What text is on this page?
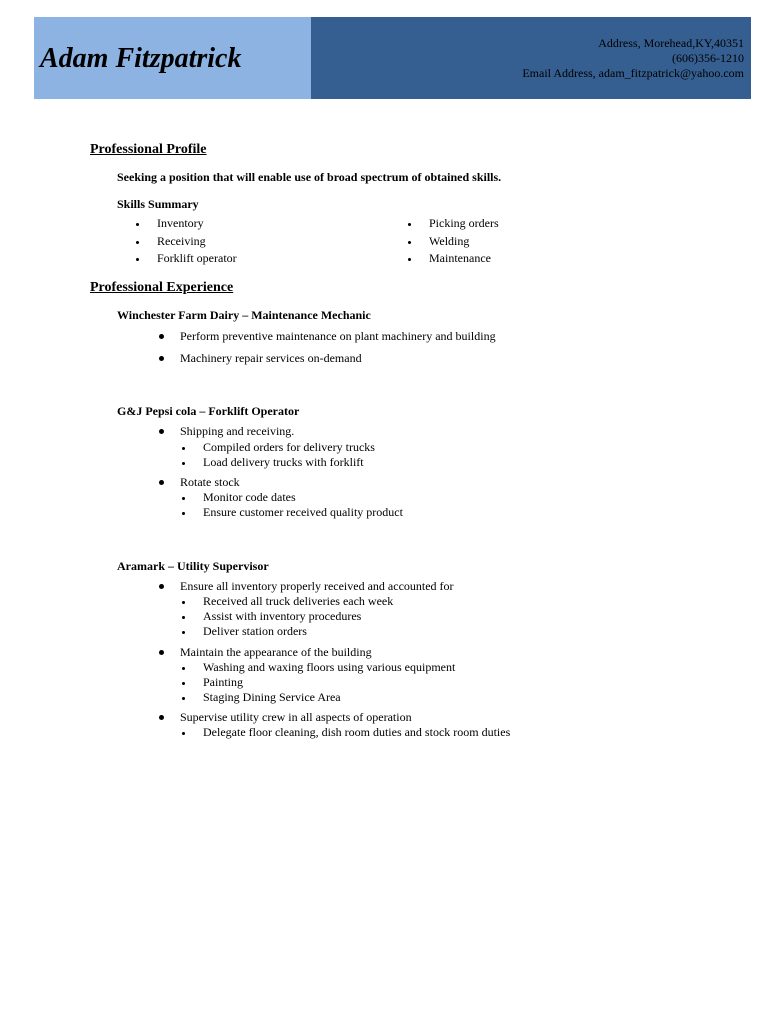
Adam Fitzpatrick	Address, Morehead,KY,40351
(606)356-1210
Email Address, adam_fitzpatrick@yahoo.com
Professional Profile
Seeking a position that will enable use of broad spectrum of obtained skills.
Skills Summary
Inventory
Receiving
Forklift operator
Picking orders
Welding
Maintenance
Professional Experience
Winchester Farm Dairy – Maintenance Mechanic
Perform preventive maintenance on plant machinery and building
Machinery repair services on-demand
G&J Pepsi cola – Forklift Operator
Shipping and receiving.
Compiled orders for delivery trucks
Load delivery trucks with forklift
Rotate stock
Monitor code dates
Ensure customer received quality product
Aramark – Utility Supervisor
Ensure all inventory properly received and accounted for
Received all truck deliveries each week
Assist with inventory procedures
Deliver station orders
Maintain the appearance of the building
Washing and waxing floors using various equipment
Painting
Staging Dining Service Area
Supervise utility crew in all aspects of operation
Delegate floor cleaning, dish room duties and stock room duties
